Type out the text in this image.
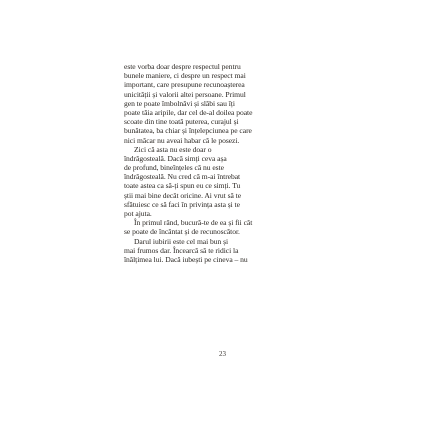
este vorba doar despre respectul pentru
bunele maniere, ci despre un respect mai
important, care presupune recunoașterea
unicității și valorii altei persoane. Primul
gen te poate îmbolnăvi și slăbi sau îți
poate tăia aripile, dar cel de-al doilea poate
scoate din tine toată puterea, curajul și
bunătatea, ba chiar și înțelepciunea pe care
nici măcar nu aveai habar că le posezi.
Zici că asta nu este doar o
îndrăgosteală. Dacă simți ceva așa
de profund, bineînțeles că nu este
îndrăgosteală. Nu cred că m-ai întrebat
toate astea ca să-ți spun eu ce simți. Tu
știi mai bine decât oricine. Ai vrut să te
sfătuiesc ce să faci în privința asta și te
pot ajuta.
În primul rând, bucură-te de ea și fii cât
se poate de încântat și de recunoscător.
Darul iubirii este cel mai bun și
mai frumos dar. Încearcă să te ridici la
înălțimea lui. Dacă iubești pe cineva – nu
23
